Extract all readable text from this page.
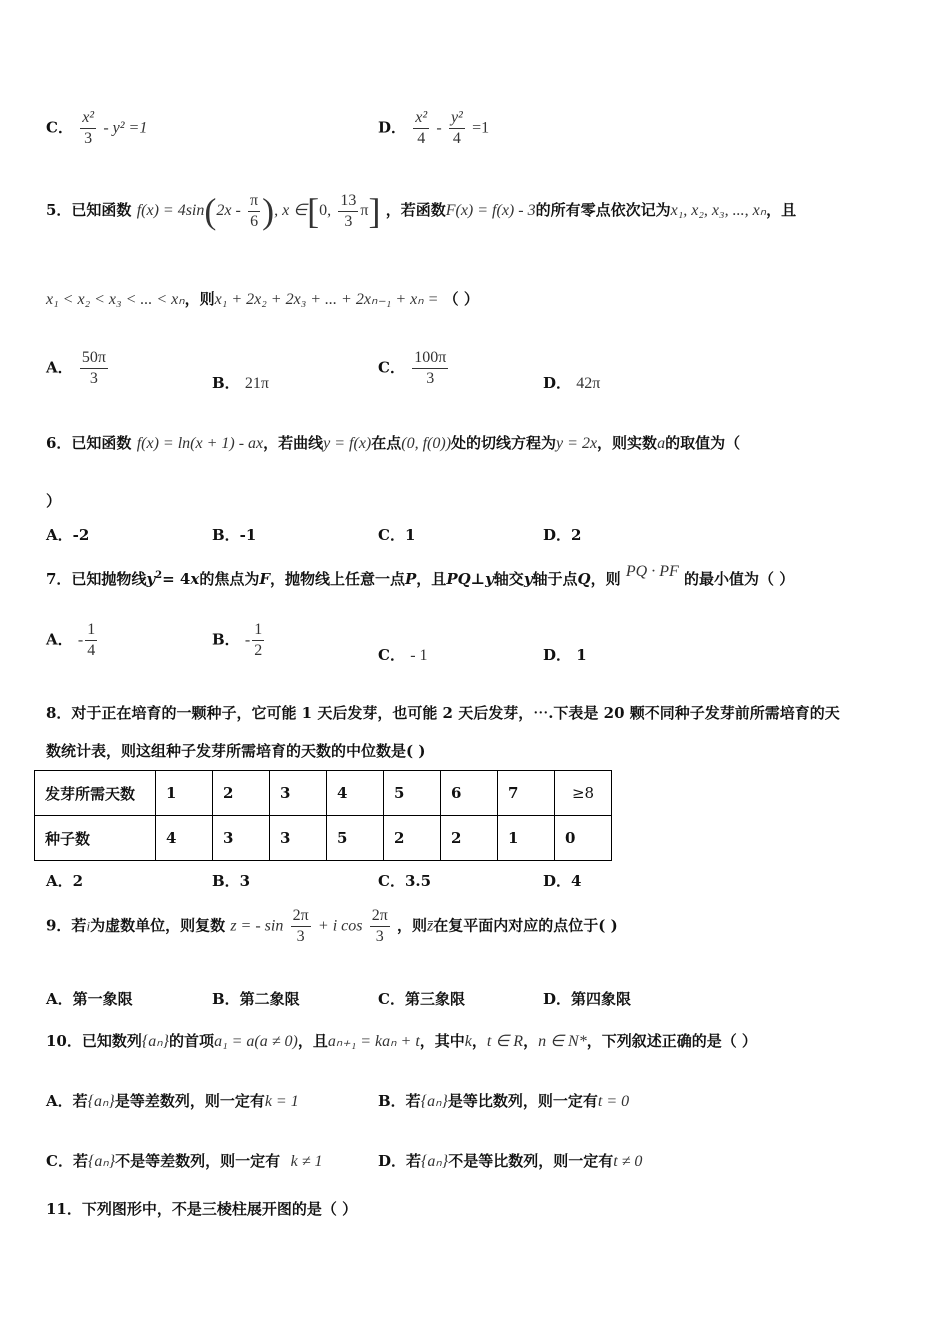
C． $\frac{\text{x²}}{3} - y^2 =1$	D． $\frac{\text{x²}}{4} - \frac{\text{y²}}{4} =1$
5．已知函数 $f(x) = 4\sin(2x - \frac{\pi}{6}$ ), x ∈[0, $\frac{13}{3} \pi$] ，若函数F(x) = f(x) - 3的所有零点依次记为x₁, x₂, x₃, ..., xₙ，且
x₁ < x₂ < x₃ < ... < xₙ，则x₁ + 2x₂ + 2x₃ + ... + 2xₙ₋₁ + xₙ = （ ）
A． $\frac{50\pi}{3}$	B． 21π
C． $\frac{100\pi}{3}$	D． 42π
6．已知函数 f(x) = ln(x + 1) - ax，若曲线y = f(x)在点(0, f(0))处的切线方程为y = 2x，则实数a的取值为（
）
A．-2	B．-1	C．1	D．2
7．已知抛物线$y^2= 4x$的焦点为F，抛物线上任意一点P，且PQ⊥y轴交y轴于点Q，则 PQ · PF 的最小值为（ ）
A． - $\frac{1}{4}$	B． - $\frac{1}{2}$	C． - 1	D． 1
8．对于正在培育的一颗种子，它可能 1 天后发芽，也可能 2 天后发芽，⋯.下表是 20 颗不同种子发芽前所需培育的天
数统计表，则这组种子发芽所需培育的天数的中位数是( )
发芽所需天数	1	2	3	4	5	6	7	≥8
种子数	4	3	3	5	2	2	1	0
A．2	B．3	C．3.5	D．4
9．若i为虚数单位，则复数 z = - $\sin \frac{2\pi}{3} + i$ $\cos \frac{2\pi}{3}$ ，则z̄在复平面内对应的点位于( )
A．第一象限	B．第二象限	C．第三象限	D．第四象限
10．已知数列{aₙ}的首项a₁ = a(a ≠ 0)，且aₙ₊₁ = kaₙ + t，其中k，t ∈ R，n ∈ N*，下列叙述正确的是（ ）
A．若{aₙ}是等差数列，则一定有k = 1	B．若{aₙ}是等比数列，则一定有t = 0
C．若{aₙ}不是等差数列，则一定有 k ≠ 1	D．若{aₙ}不是等比数列，则一定有t ≠ 0
11．下列图形中，不是三棱柱展开图的是（ ）
